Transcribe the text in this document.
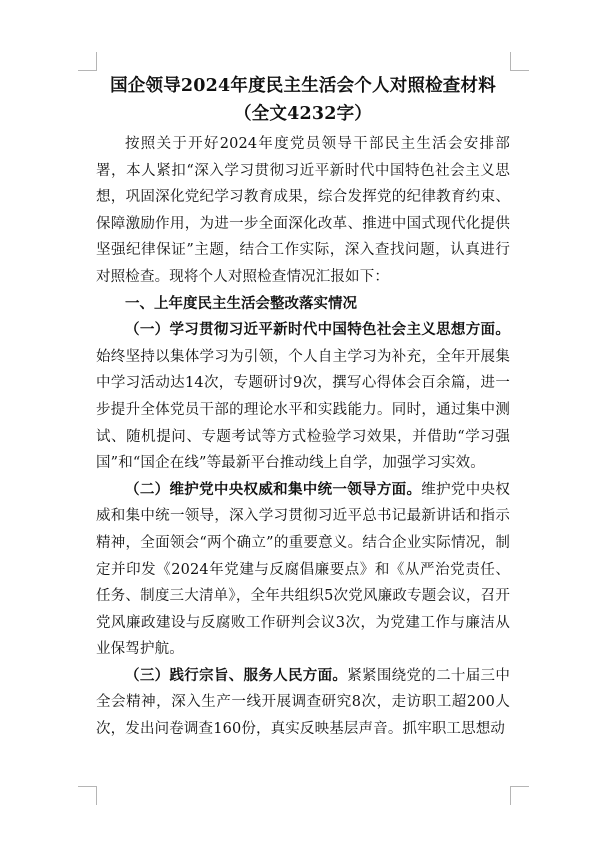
国企领导2024年度民主生活会个人对照检查材料
（全文4232字）

按照关于开好2024年度党员领导干部民主生活会安排部署，本人紧扣“深入学习贯彻习近平新时代中国特色社会主义思想，巩固深化党纪学习教育成果，综合发挥党的纪律教育约束、保障激励作用，为进一步全面深化改革、推进中国式现代化提供坚强纪律保证”主题，结合工作实际，深入查找问题，认真进行对照检查。现将个人对照检查情况汇报如下：

一、上年度民主生活会整改落实情况

（一）学习贯彻习近平新时代中国特色社会主义思想方面。始终坚持以集体学习为引领，个人自主学习为补充，全年开展集中学习活动达14次，专题研讨9次，撰写心得体会百余篇，进一步提升全体党员干部的理论水平和实践能力。同时，通过集中测试、随机提问、专题考试等方式检验学习效果，并借助“学习强国”和“国企在线”等最新平台推动线上自学，加强学习实效。

（二）维护党中央权威和集中统一领导方面。维护党中央权威和集中统一领导，深入学习贯彻习近平总书记最新讲话和指示精神，全面领会“两个确立”的重要意义。结合企业实际情况，制定并印发《2024年党建与反腐倡廉要点》和《从严治党责任、任务、制度三大清单》，全年共组织5次党风廉政专题会议，召开党风廉政建设与反腐败工作研判会议3次，为党建工作与廉洁从业保驾护航。

（三）践行宗旨、服务人民方面。紧紧围绕党的二十届三中全会精神，深入生产一线开展调查研究8次，走访职工超200人次，发出问卷调查160份，真实反映基层声音。抓牢职工思想动
